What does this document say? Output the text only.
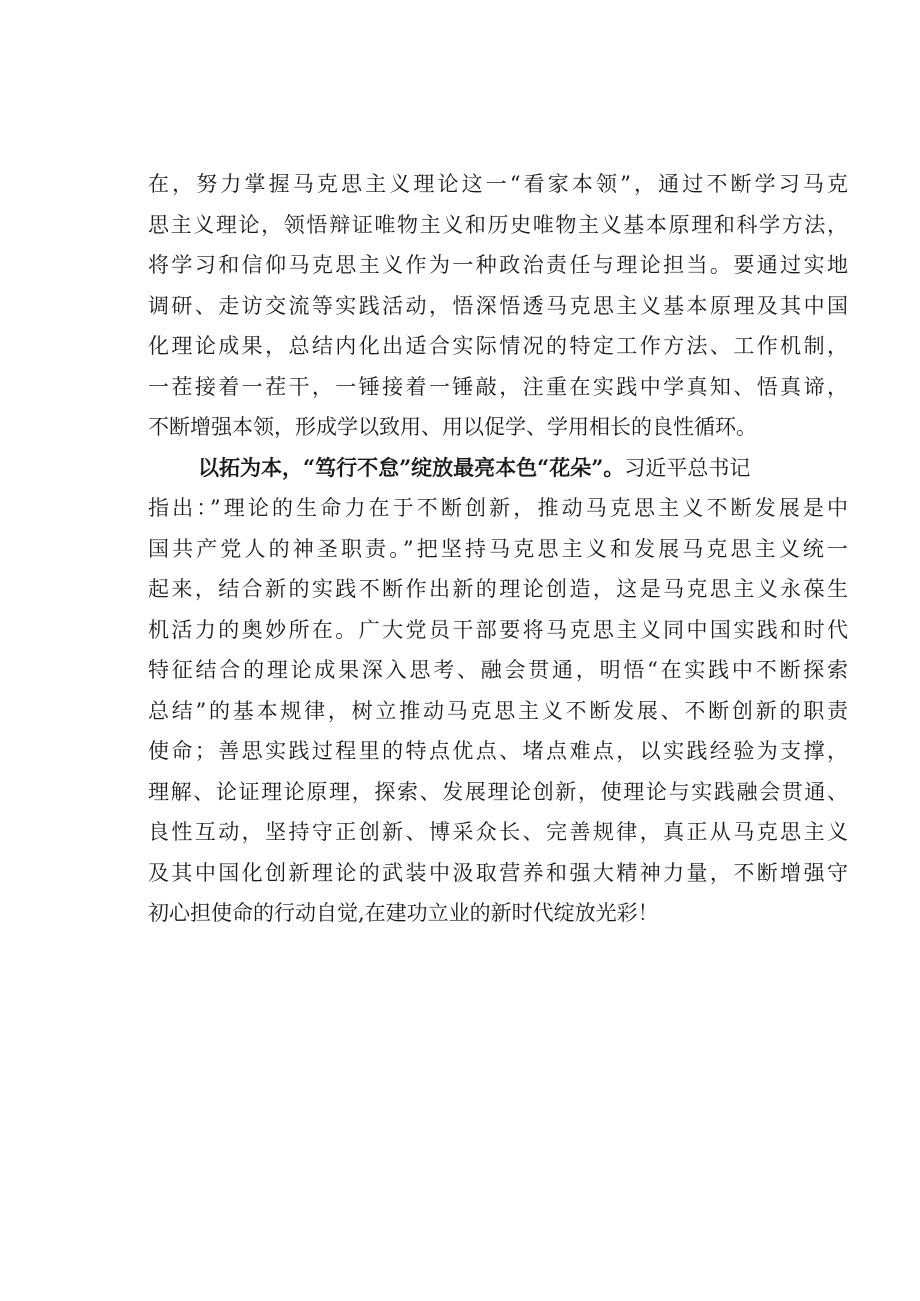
在，努力掌握马克思主义理论这一“看家本领”，通过不断学习马克
思主义理论，领悟辩证唯物主义和历史唯物主义基本原理和科学方法，
将学习和信仰马克思主义作为一种政治责任与理论担当。要通过实地
调研、走访交流等实践活动，悟深悟透马克思主义基本原理及其中国
化理论成果，总结内化出适合实际情况的特定工作方法、工作机制，
一茬接着一茬干，一锤接着一锤敲，注重在实践中学真知、悟真谛，
不断增强本领，形成学以致用、用以促学、学用相长的良性循环。
以拓为本，“笃行不怠”绽放最亮本色“花朵”。习近平总书记
指出：”理论的生命力在于不断创新，推动马克思主义不断发展是中
国共产党人的神圣职责。”把坚持马克思主义和发展马克思主义统一
起来，结合新的实践不断作出新的理论创造，这是马克思主义永葆生
机活力的奥妙所在。广大党员干部要将马克思主义同中国实践和时代
特征结合的理论成果深入思考、融会贯通，明悟“在实践中不断探索
总结”的基本规律，树立推动马克思主义不断发展、不断创新的职责
使命；善思实践过程里的特点优点、堵点难点，以实践经验为支撑，
理解、论证理论原理，探索、发展理论创新，使理论与实践融会贯通、
良性互动，坚持守正创新、博采众长、完善规律，真正从马克思主义
及其中国化创新理论的武装中汲取营养和强大精神力量，不断增强守
初心担使命的行动自觉,在建功立业的新时代绽放光彩！
